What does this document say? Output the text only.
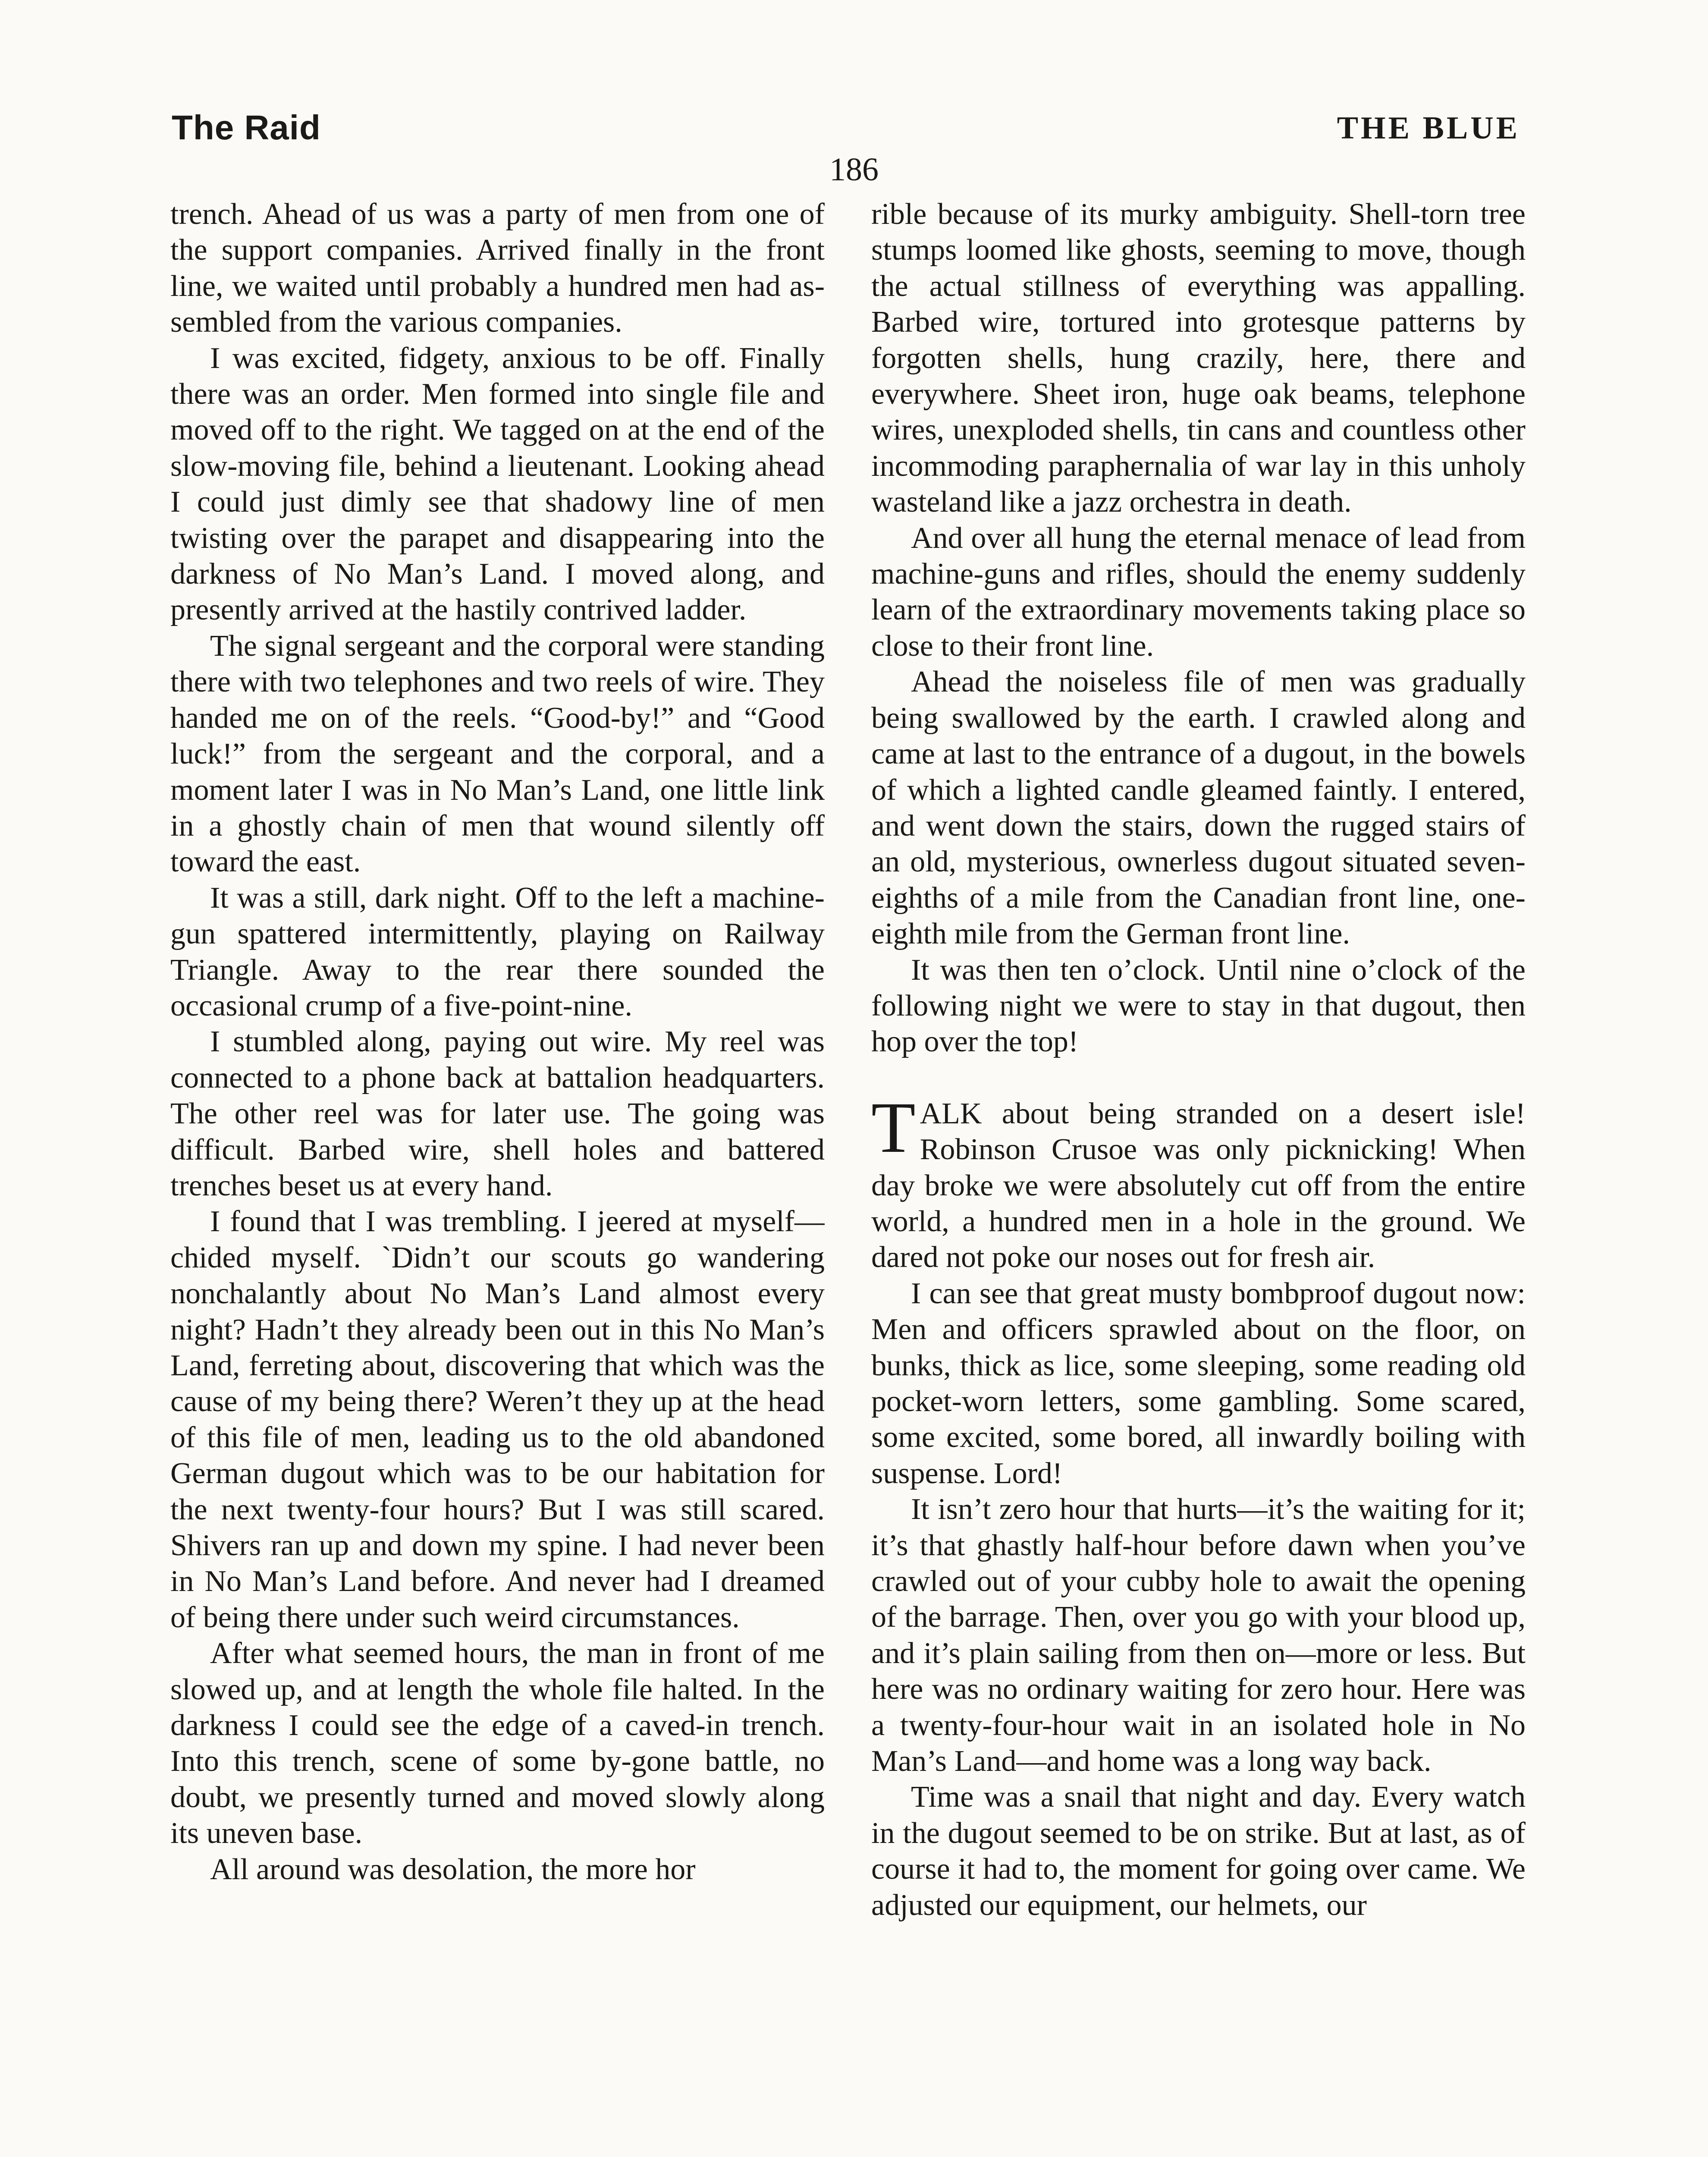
The Raid	THE BLUE
186

trench. Ahead of us was a party of men from one of the support companies. Arrived finally in the front line, we waited until probably a hundred men had assembled from the various companies.

I was excited, fidgety, anxious to be off. Finally there was an order. Men formed into single file and moved off to the right. We tagged on at the end of the slow-moving file, behind a lieutenant. Looking ahead I could just dimly see that shadowy line of men twisting over the parapet and disappearing into the darkness of No Man’s Land. I moved along, and presently arrived at the hastily contrived ladder.

The signal sergeant and the corporal were standing there with two telephones and two reels of wire. They handed me on of the reels. “Good-by!” and “Good luck!” from the sergeant and the corporal, and a moment later I was in No Man’s Land, one little link in a ghostly chain of men that wound silently off toward the east.

It was a still, dark night. Off to the left a machine-gun spattered intermittently, playing on Railway Triangle. Away to the rear there sounded the occasional crump of a five-point-nine.

I stumbled along, paying out wire. My reel was connected to a phone back at battalion headquarters. The other reel was for later use. The going was difficult. Barbed wire, shell holes and battered trenches beset us at every hand.

I found that I was trembling. I jeered at myself—chided myself. `Didn’t our scouts go wandering nonchalantly about No Man’s Land almost every night? Hadn’t they already been out in this No Man’s Land, ferreting about, discovering that which was the cause of my being there? Weren’t they up at the head of this file of men, leading us to the old abandoned German dugout which was to be our habitation for the next twenty-four hours? But I was still scared. Shivers ran up and down my spine. I had never been in No Man’s Land before. And never had I dreamed of being there under such weird circumstances.

After what seemed hours, the man in front of me slowed up, and at length the whole file halted. In the darkness I could see the edge of a caved-in trench. Into this trench, scene of some by-gone battle, no doubt, we presently turned and moved slowly along its uneven base.

All around was desolation, the more hor

rible because of its murky ambiguity. Shell-torn tree stumps loomed like ghosts, seeming to move, though the actual stillness of everything was appalling. Barbed wire, tortured into grotesque patterns by forgotten shells, hung crazily, here, there and everywhere. Sheet iron, huge oak beams, telephone wires, unexploded shells, tin cans and countless other incommoding paraphernalia of war lay in this unholy wasteland like a jazz orchestra in death.

And over all hung the eternal menace of lead from machine-guns and rifles, should the enemy suddenly learn of the extraordinary movements taking place so close to their front line.

Ahead the noiseless file of men was gradually being swallowed by the earth. I crawled along and came at last to the entrance of a dugout, in the bowels of which a lighted candle gleamed faintly. I entered, and went down the stairs, down the rugged stairs of an old, mysterious, ownerless dugout situated seven-eighths of a mile from the Canadian front line, one-eighth mile from the German front line.

It was then ten o’clock. Until nine o’clock of the following night we were to stay in that dugout, then hop over the top!

TALK about being stranded on a desert isle! Robinson Crusoe was only picknicking! When day broke we were absolutely cut off from the entire world, a hundred men in a hole in the ground. We dared not poke our noses out for fresh air.

I can see that great musty bombproof dugout now: Men and officers sprawled about on the floor, on bunks, thick as lice, some sleeping, some reading old pocket-worn letters, some gambling. Some scared, some excited, some bored, all inwardly boiling with suspense. Lord!

It isn’t zero hour that hurts—it’s the waiting for it; it’s that ghastly half-hour before dawn when you’ve crawled out of your cubby hole to await the opening of the barrage. Then, over you go with your blood up, and it’s plain sailing from then on—more or less. But here was no ordinary waiting for zero hour. Here was a twenty-four-hour wait in an isolated hole in No Man’s Land—and home was a long way back.

Time was a snail that night and day. Every watch in the dugout seemed to be on strike. But at last, as of course it had to, the moment for going over came. We adjusted our equipment, our helmets, our
